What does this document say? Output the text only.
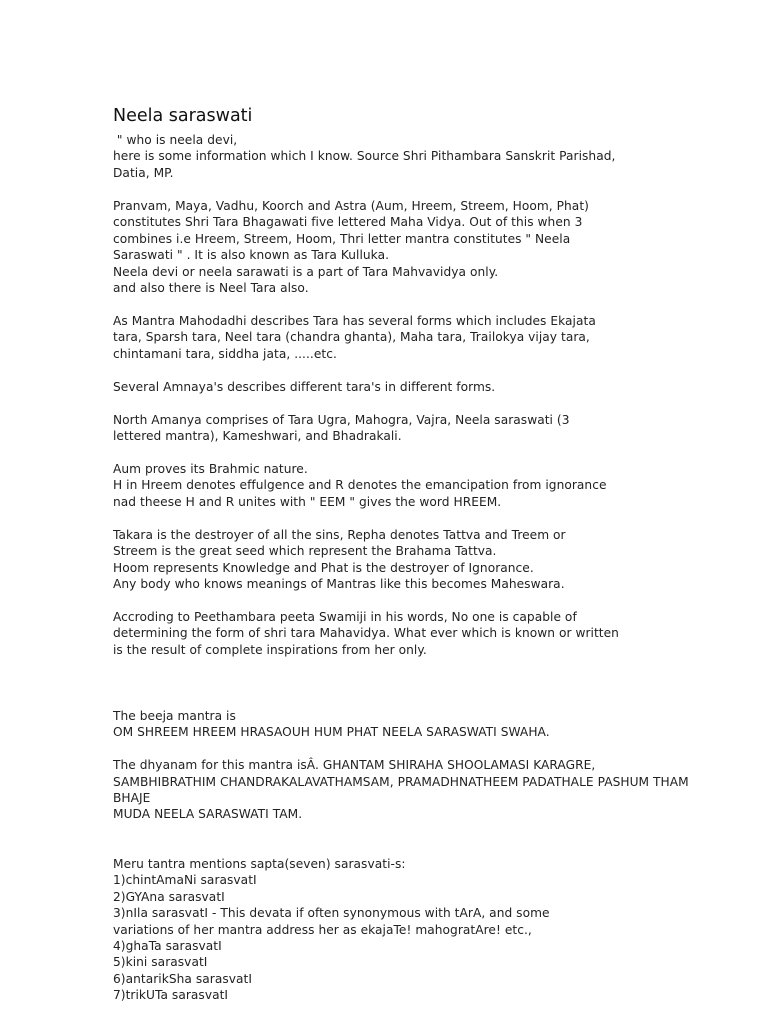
Neela saraswati
" who is neela devi,
here is some information which I know. Source Shri Pithambara Sanskrit Parishad,
Datia, MP.
Pranvam, Maya, Vadhu, Koorch and Astra (Aum, Hreem, Streem, Hoom, Phat)
constitutes Shri Tara Bhagawati five lettered Maha Vidya. Out of this when 3
combines i.e Hreem, Streem, Hoom, Thri letter mantra constitutes " Neela
Saraswati " . It is also known as Tara Kulluka.
Neela devi or neela sarawati is a part of Tara Mahvavidya only.
and also there is Neel Tara also.
As Mantra Mahodadhi describes Tara has several forms which includes Ekajata
tara, Sparsh tara, Neel tara (chandra ghanta), Maha tara, Trailokya vijay tara,
chintamani tara, siddha jata, .....etc.
Several Amnaya's describes different tara's in different forms.
North Amanya comprises of Tara Ugra, Mahogra, Vajra, Neela saraswati (3
lettered mantra), Kameshwari, and Bhadrakali.
Aum proves its Brahmic nature.
H in Hreem denotes effulgence and R denotes the emancipation from ignorance
nad theese H and R unites with " EEM " gives the word HREEM.
Takara is the destroyer of all the sins, Repha denotes Tattva and Treem or
Streem is the great seed which represent the Brahama Tattva.
Hoom represents Knowledge and Phat is the destroyer of Ignorance.
Any body who knows meanings of Mantras like this becomes Maheswara.
Accroding to Peethambara peeta Swamiji in his words, No one is capable of
determining the form of shri tara Mahavidya. What ever which is known or written
is the result of complete inspirations from her only.
The beeja mantra is
OM SHREEM HREEM HRASAOUH HUM PHAT NEELA SARASWATI SWAHA.
The dhyanam for this mantra isÂ. GHANTAM SHIRAHA SHOOLAMASI KARAGRE,
SAMBHIBRATHIM CHANDRAKALAVATHAMSAM, PRAMADHNATHEEM PADATHALE PASHUM THAM
BHAJE
MUDA NEELA SARASWATI TAM.
Meru tantra mentions sapta(seven) sarasvati-s:
1)chintAmaNi sarasvatI
2)GYAna sarasvatI
3)nIla sarasvatI - This devata if often synonymous with tArA, and some
variations of her mantra address her as ekajaTe! mahogratAre! etc.,
4)ghaTa sarasvatI
5)kini sarasvatI
6)antarikSha sarasvatI
7)trikUTa sarasvatI
